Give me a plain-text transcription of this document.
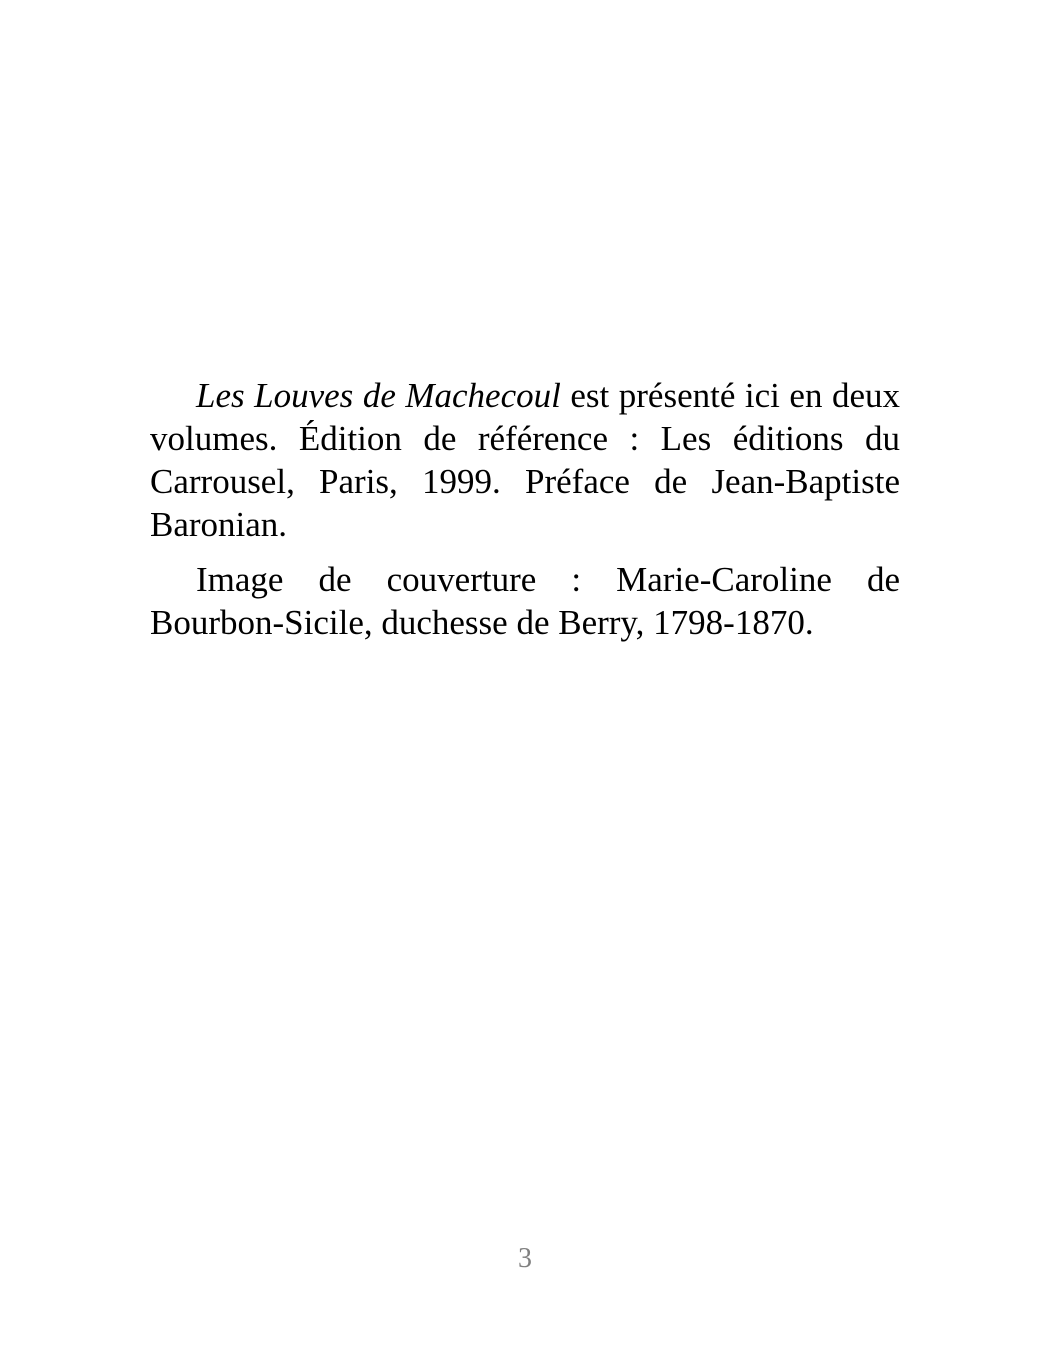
Les Louves de Machecoul est présenté ici en deux volumes. Édition de référence : Les éditions du Carrousel, Paris, 1999. Préface de Jean-Baptiste Baronian.

Image de couverture : Marie-Caroline de Bourbon-Sicile, duchesse de Berry, 1798-1870.

3
